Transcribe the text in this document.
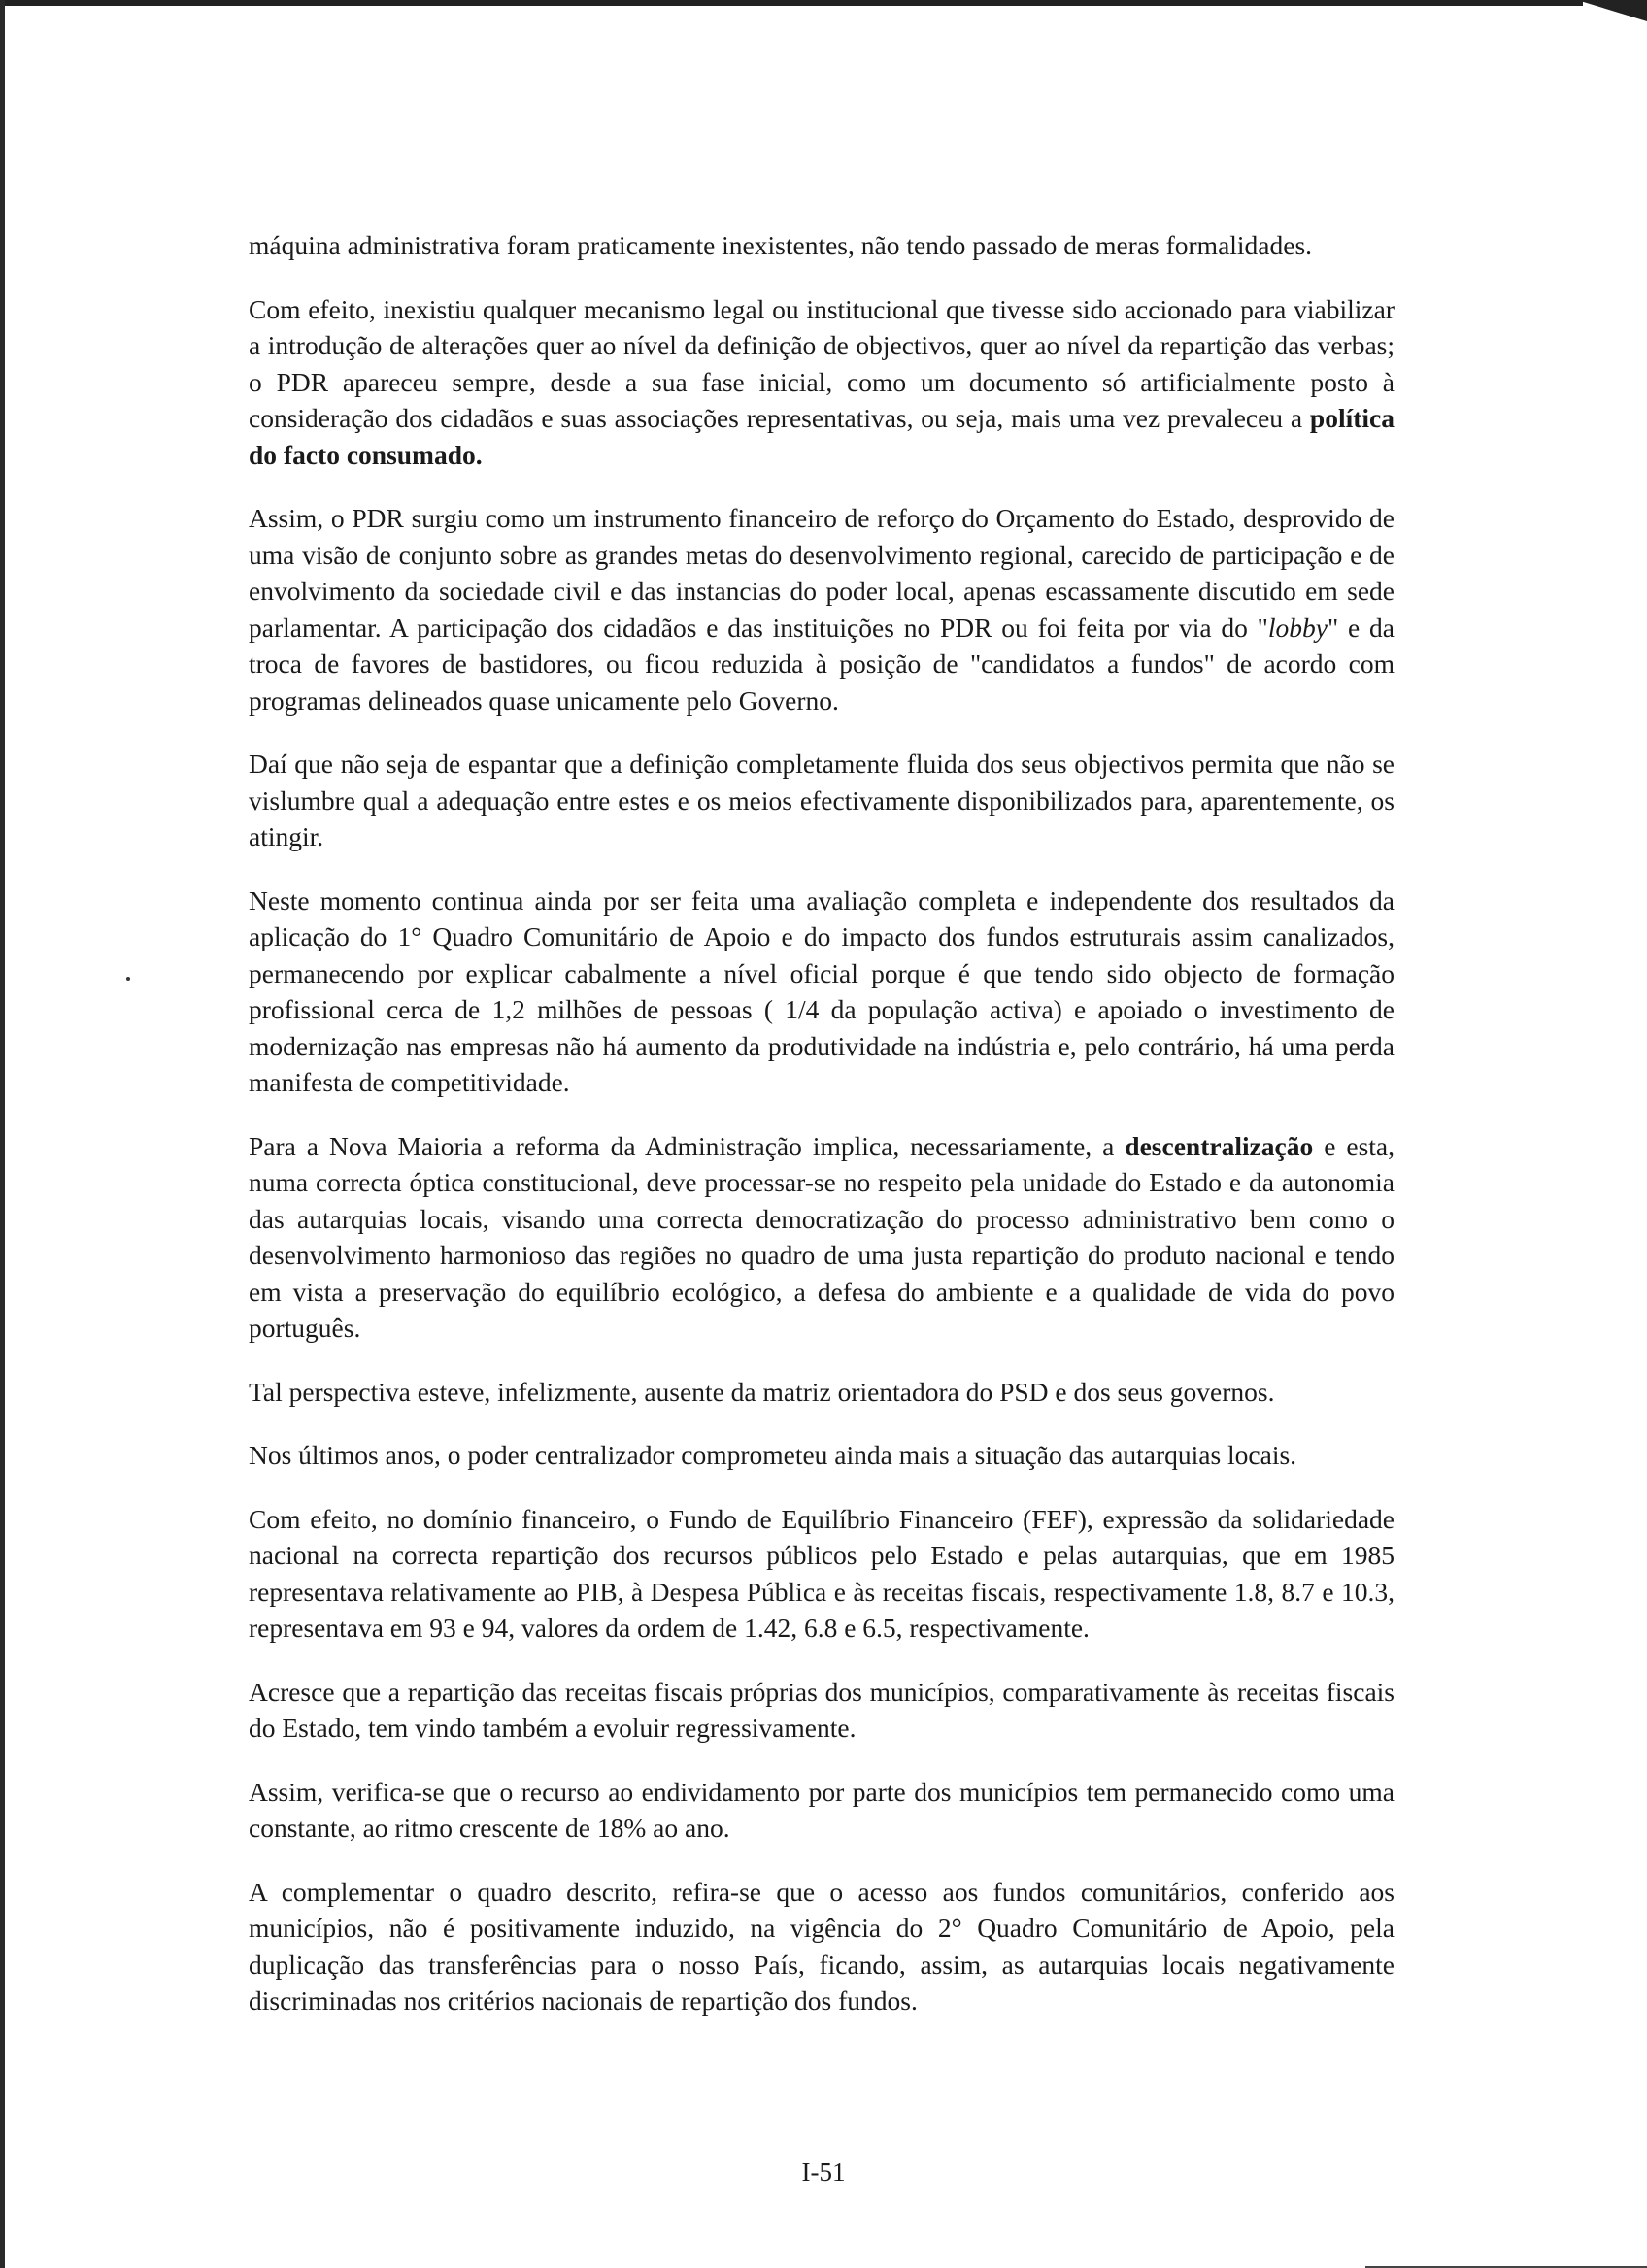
máquina administrativa foram praticamente inexistentes, não tendo passado de meras formalidades.

Com efeito, inexistiu qualquer mecanismo legal ou institucional que tivesse sido accionado para viabilizar a introdução de alterações quer ao nível da definição de objectivos, quer ao nível da repartição das verbas; o PDR apareceu sempre, desde a sua fase inicial, como um documento só artificialmente posto à consideração dos cidadãos e suas associações representativas, ou seja, mais uma vez prevaleceu a política do facto consumado.

Assim, o PDR surgiu como um instrumento financeiro de reforço do Orçamento do Estado, desprovido de uma visão de conjunto sobre as grandes metas do desenvolvimento regional, carecido de participação e de envolvimento da sociedade civil e das instancias do poder local, apenas escassamente discutido em sede parlamentar. A participação dos cidadãos e das instituições no PDR ou foi feita por via do "lobby" e da troca de favores de bastidores, ou ficou reduzida à posição de "candidatos a fundos" de acordo com programas delineados quase unicamente pelo Governo.

Daí que não seja de espantar que a definição completamente fluida dos seus objectivos permita que não se vislumbre qual a adequação entre estes e os meios efectivamente disponibilizados para, aparentemente, os atingir.

Neste momento continua ainda por ser feita uma avaliação completa e independente dos resultados da aplicação do 1° Quadro Comunitário de Apoio e do impacto dos fundos estruturais assim canalizados, permanecendo por explicar cabalmente a nível oficial porque é que tendo sido objecto de formação profissional cerca de 1,2 milhões de pessoas ( 1/4 da população activa) e apoiado o investimento de modernização nas empresas não há aumento da produtividade na indústria e, pelo contrário, há uma perda manifesta de competitividade.

Para a Nova Maioria a reforma da Administração implica, necessariamente, a descentralização e esta, numa correcta óptica constitucional, deve processar-se no respeito pela unidade do Estado e da autonomia das autarquias locais, visando uma correcta democratização do processo administrativo bem como o desenvolvimento harmonioso das regiões no quadro de uma justa repartição do produto nacional e tendo em vista a preservação do equilíbrio ecológico, a defesa do ambiente e a qualidade de vida do povo português.

Tal perspectiva esteve, infelizmente, ausente da matriz orientadora do PSD e dos seus governos.

Nos últimos anos, o poder centralizador comprometeu ainda mais a situação das autarquias locais.

Com efeito, no domínio financeiro, o Fundo de Equilíbrio Financeiro (FEF), expressão da solidariedade nacional na correcta repartição dos recursos públicos pelo Estado e pelas autarquias, que em 1985 representava relativamente ao PIB, à Despesa Pública e às receitas fiscais, respectivamente 1.8, 8.7 e 10.3, representava em 93 e 94, valores da ordem de 1.42, 6.8 e 6.5, respectivamente.

Acresce que a repartição das receitas fiscais próprias dos municípios, comparativamente às receitas fiscais do Estado, tem vindo também a evoluir regressivamente.

Assim, verifica-se que o recurso ao endividamento por parte dos municípios tem permanecido como uma constante, ao ritmo crescente de 18% ao ano.

A complementar o quadro descrito, refira-se que o acesso aos fundos comunitários, conferido aos municípios, não é positivamente induzido, na vigência do 2° Quadro Comunitário de Apoio, pela duplicação das transferências para o nosso País, ficando, assim, as autarquias locais negativamente discriminadas nos critérios nacionais de repartição dos fundos.

I-51
